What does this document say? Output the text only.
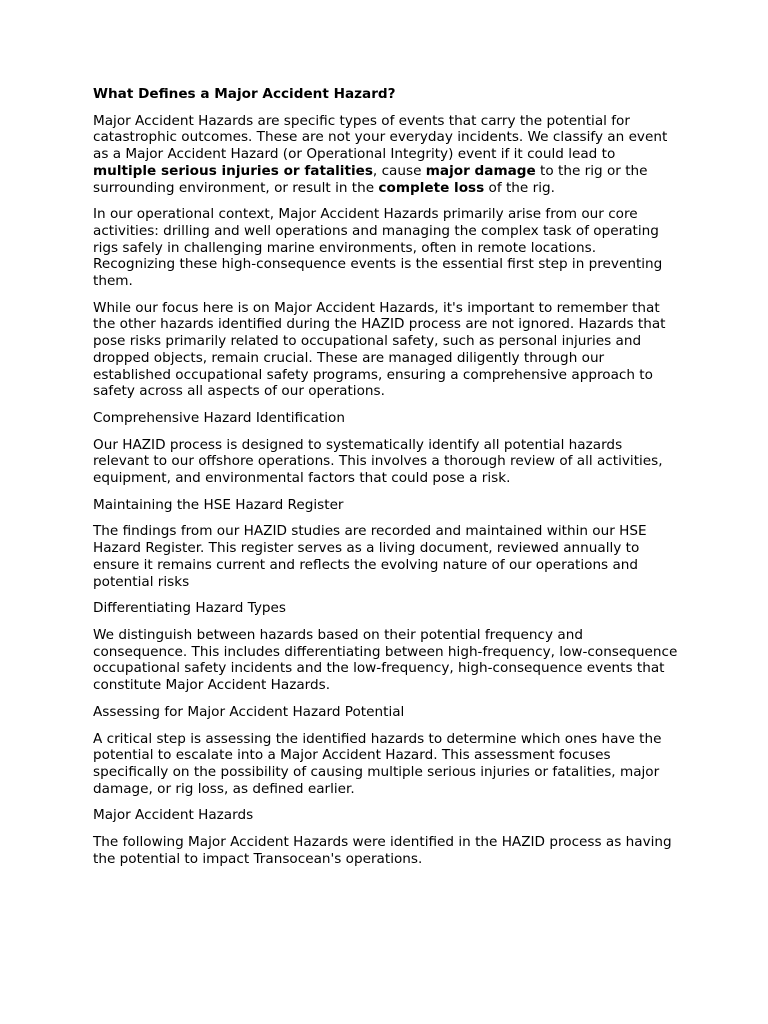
What Defines a Major Accident Hazard?

Major Accident Hazards are specific types of events that carry the potential for catastrophic outcomes. These are not your everyday incidents. We classify an event as a Major Accident Hazard (or Operational Integrity) event if it could lead to multiple serious injuries or fatalities, cause major damage to the rig or the surrounding environment, or result in the complete loss of the rig.

In our operational context, Major Accident Hazards primarily arise from our core activities: drilling and well operations and managing the complex task of operating rigs safely in challenging marine environments, often in remote locations. Recognizing these high-consequence events is the essential first step in preventing them.

While our focus here is on Major Accident Hazards, it's important to remember that the other hazards identified during the HAZID process are not ignored. Hazards that pose risks primarily related to occupational safety, such as personal injuries and dropped objects, remain crucial. These are managed diligently through our established occupational safety programs, ensuring a comprehensive approach to safety across all aspects of our operations.

Comprehensive Hazard Identification

Our HAZID process is designed to systematically identify all potential hazards relevant to our offshore operations. This involves a thorough review of all activities, equipment, and environmental factors that could pose a risk.

Maintaining the HSE Hazard Register

The findings from our HAZID studies are recorded and maintained within our HSE Hazard Register. This register serves as a living document, reviewed annually to ensure it remains current and reflects the evolving nature of our operations and potential risks

Differentiating Hazard Types

We distinguish between hazards based on their potential frequency and consequence. This includes differentiating between high-frequency, low-consequence occupational safety incidents and the low-frequency, high-consequence events that constitute Major Accident Hazards.

Assessing for Major Accident Hazard Potential

A critical step is assessing the identified hazards to determine which ones have the potential to escalate into a Major Accident Hazard. This assessment focuses specifically on the possibility of causing multiple serious injuries or fatalities, major damage, or rig loss, as defined earlier.

Major Accident Hazards

The following Major Accident Hazards were identified in the HAZID process as having the potential to impact Transocean's operations.
